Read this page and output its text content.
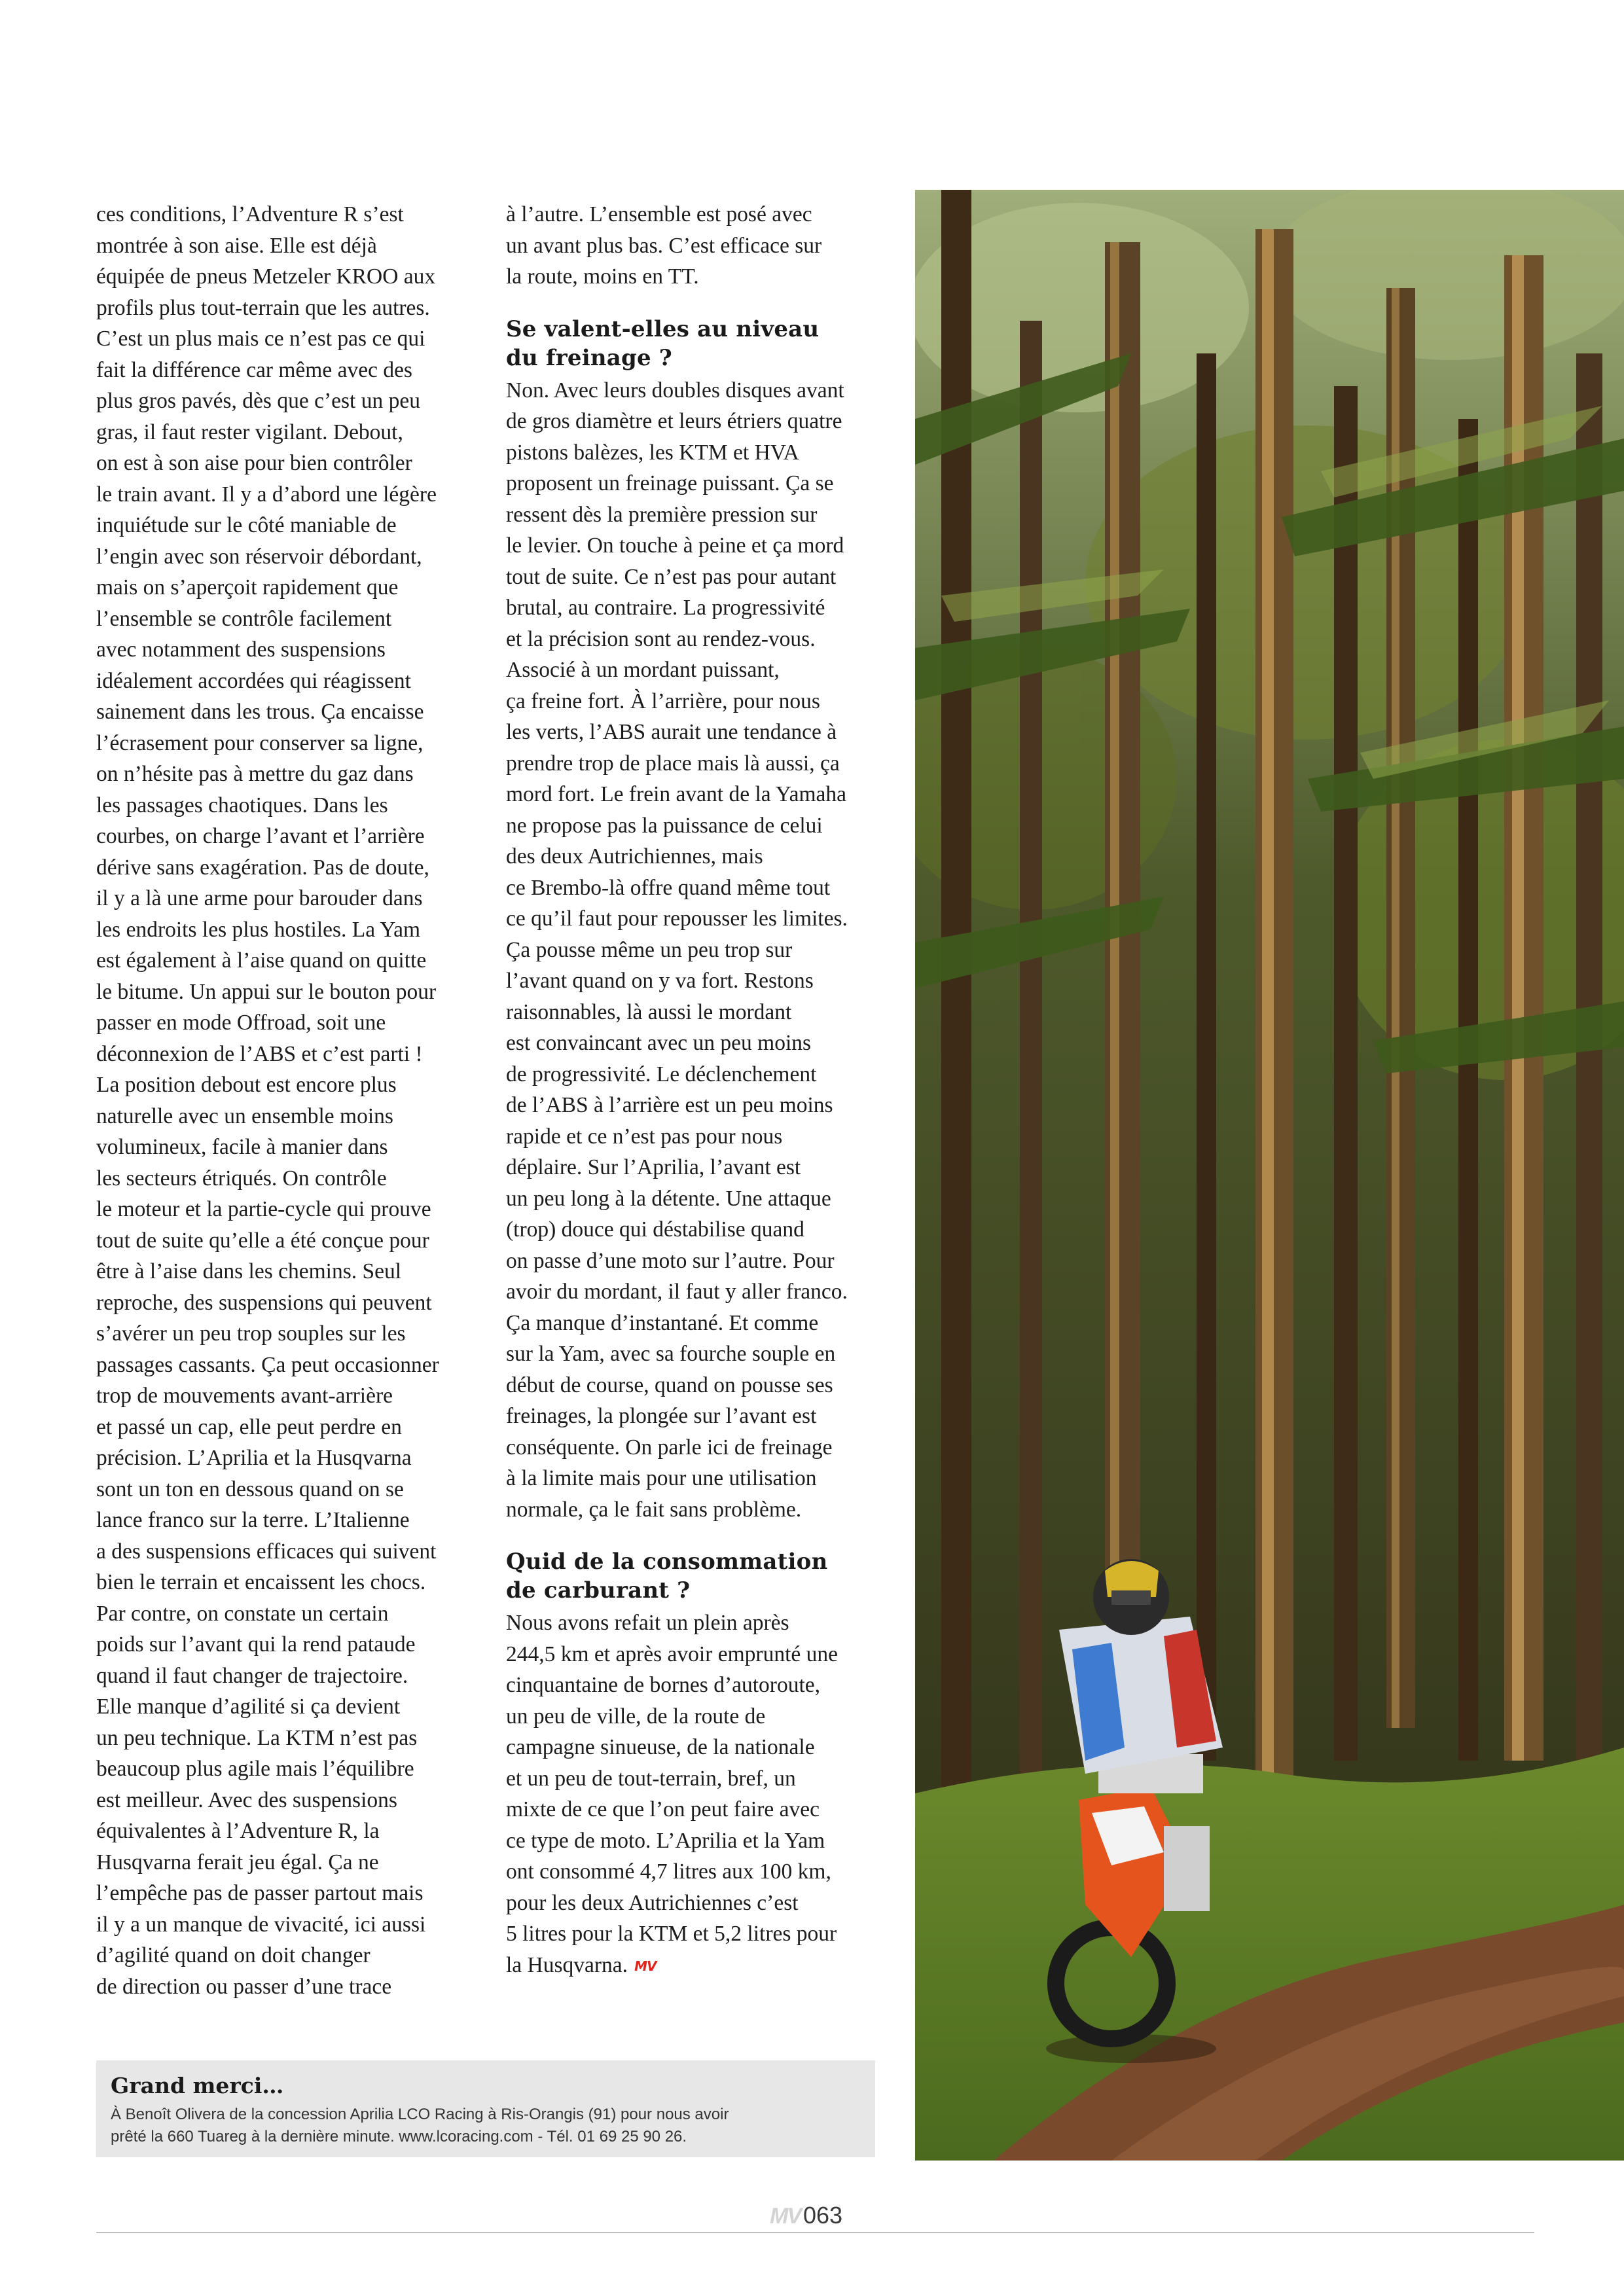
ces conditions, l’Adventure R s’est
montrée à son aise. Elle est déjà
équipée de pneus Metzeler KROO aux
profils plus tout-terrain que les autres.
C’est un plus mais ce n’est pas ce qui
fait la différence car même avec des
plus gros pavés, dès que c’est un peu
gras, il faut rester vigilant. Debout,
on est à son aise pour bien contrôler
le train avant. Il y a d’abord une légère
inquiétude sur le côté maniable de
l’engin avec son réservoir débordant,
mais on s’aperçoit rapidement que
l’ensemble se contrôle facilement
avec notamment des suspensions
idéalement accordées qui réagissent
sainement dans les trous. Ça encaisse
l’écrasement pour conserver sa ligne,
on n’hésite pas à mettre du gaz dans
les passages chaotiques. Dans les
courbes, on charge l’avant et l’arrière
dérive sans exagération. Pas de doute,
il y a là une arme pour barouder dans
les endroits les plus hostiles. La Yam
est également à l’aise quand on quitte
le bitume. Un appui sur le bouton pour
passer en mode Offroad, soit une
déconnexion de l’ABS et c’est parti !
La position debout est encore plus
naturelle avec un ensemble moins
volumineux, facile à manier dans
les secteurs étriqués. On contrôle
le moteur et la partie-cycle qui prouve
tout de suite qu’elle a été conçue pour
être à l’aise dans les chemins. Seul
reproche, des suspensions qui peuvent
s’avérer un peu trop souples sur les
passages cassants. Ça peut occasionner
trop de mouvements avant-arrière
et passé un cap, elle peut perdre en
précision. L’Aprilia et la Husqvarna
sont un ton en dessous quand on se
lance franco sur la terre. L’Italienne
a des suspensions efficaces qui suivent
bien le terrain et encaissent les chocs.
Par contre, on constate un certain
poids sur l’avant qui la rend pataude
quand il faut changer de trajectoire.
Elle manque d’agilité si ça devient
un peu technique. La KTM n’est pas
beaucoup plus agile mais l’équilibre
est meilleur. Avec des suspensions
équivalentes à l’Adventure R, la
Husqvarna ferait jeu égal. Ça ne
l’empêche pas de passer partout mais
il y a un manque de vivacité, ici aussi
d’agilité quand on doit changer
de direction ou passer d’une trace

à l’autre. L’ensemble est posé avec
un avant plus bas. C’est efficace sur
la route, moins en TT.

Se valent-elles au niveau
du freinage ?

Non. Avec leurs doubles disques avant
de gros diamètre et leurs étriers quatre
pistons balèzes, les KTM et HVA
proposent un freinage puissant. Ça se
ressent dès la première pression sur
le levier. On touche à peine et ça mord
tout de suite. Ce n’est pas pour autant
brutal, au contraire. La progressivité
et la précision sont au rendez-vous.
Associé à un mordant puissant,
ça freine fort. À l’arrière, pour nous
les verts, l’ABS aurait une tendance à
prendre trop de place mais là aussi, ça
mord fort. Le frein avant de la Yamaha
ne propose pas la puissance de celui
des deux Autrichiennes, mais
ce Brembo-là offre quand même tout
ce qu’il faut pour repousser les limites.
Ça pousse même un peu trop sur
l’avant quand on y va fort. Restons
raisonnables, là aussi le mordant
est convaincant avec un peu moins
de progressivité. Le déclenchement
de l’ABS à l’arrière est un peu moins
rapide et ce n’est pas pour nous
déplaire. Sur l’Aprilia, l’avant est
un peu long à la détente. Une attaque
(trop) douce qui déstabilise quand
on passe d’une moto sur l’autre. Pour
avoir du mordant, il faut y aller franco.
Ça manque d’instantané. Et comme
sur la Yam, avec sa fourche souple en
début de course, quand on pousse ses
freinages, la plongée sur l’avant est
conséquente. On parle ici de freinage
à la limite mais pour une utilisation
normale, ça le fait sans problème.

Quid de la consommation
de carburant ?

Nous avons refait un plein après
244,5 km et après avoir emprunté une
cinquantaine de bornes d’autoroute,
un peu de ville, de la route de
campagne sinueuse, de la nationale
et un peu de tout-terrain, bref, un
mixte de ce que l’on peut faire avec
ce type de moto. L’Aprilia et la Yam
ont consommé 4,7 litres aux 100 km,
pour les deux Autrichiennes c’est
5 litres pour la KTM et 5,2 litres pour
la Husqvarna. MV

Grand merci…
À Benoît Olivera de la concession Aprilia LCO Racing à Ris-Orangis (91) pour nous avoir
prêté la 660 Tuareg à la dernière minute. www.lcoracing.com - Tél. 01 69 25 90 26.
MV 063
